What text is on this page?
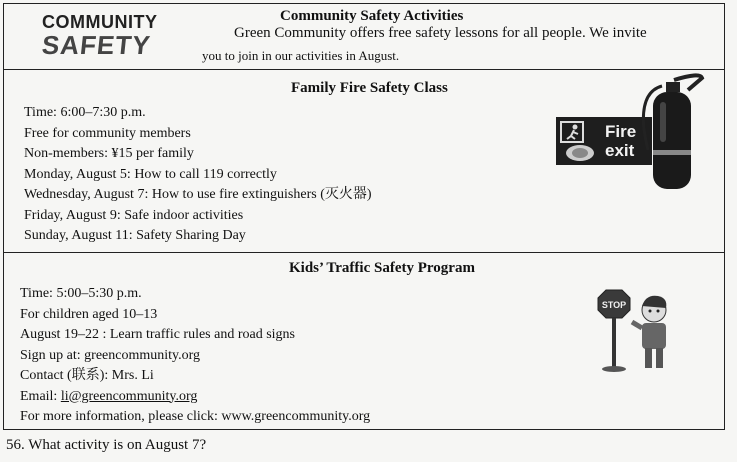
COMMUNITY
SAFETY
Community Safety Activities
Green Community offers free safety lessons for all people. We invite
you to join in our activities in August.
Family Fire Safety Class
Time: 6:00–7:30 p.m.
Free for community members
Non-members: ¥15 per family
Monday, August 5: How to call 119 correctly
Wednesday, August 7: How to use fire extinguishers (灭火器)
Friday, August 9: Safe indoor activities
Sunday, August 11: Safety Sharing Day
Fire
exit
Kids’ Traffic Safety Program
Time: 5:00–5:30 p.m.
For children aged 10–13
August 19–22 : Learn traffic rules and road signs
Sign up at: greencommunity.org
Contact (联系): Mrs. Li
Email: li@greencommunity.org
For more information, please click: www.greencommunity.org
STOP
56. What activity is on August 7?
